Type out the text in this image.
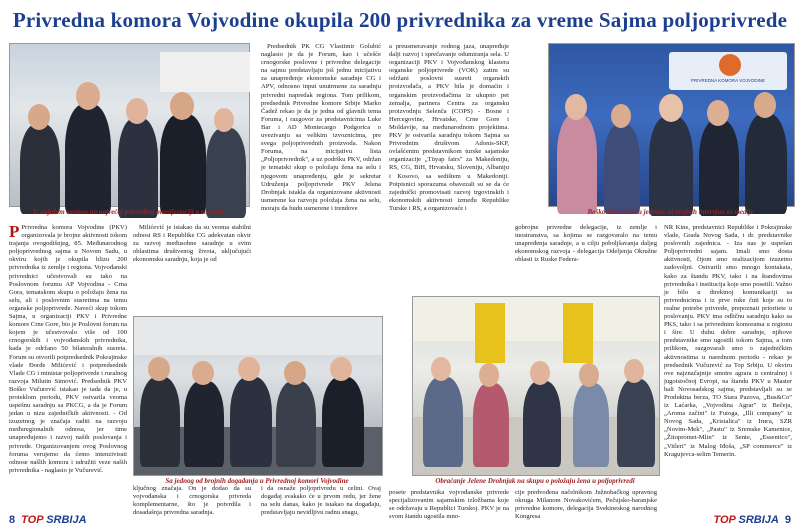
Privredna komora Vojvodine okupila 200 privrednika za vreme Sajma poljoprivrede
U najužem sastavu na najvećoj privrednoj manifestaciji u regionu
PRIVREDNA KOMORA VOJVODINE
Boško Vučurević u jednom od brojnih intervjua za medije
Sa jednog od brojnih događanja u Privrednoj komori Vojvodine	Obraćanje Jelene Drobnjak na skupu o položaju žena u poljoprivredi

P Privredna komora Vojvodine (PKV) organizovala je brojne aktivnosti tokom trajanja ovogodišnjeg, 85. Međunarodnog poljoprivrednog sajma u Novom Sadu, u okviru kojih je okupila blizu 200 privrednika iz zemlje i regiona. Vojvođanski privrednici učestvovali su tako na Poslovnom forumu AP Vojvodina - Crna Gora, tematskom skupu o položaju žena na selu, ali i poslovnim susretima na temu organske poljoprivrede. Naveći skup tokom Sajma, u organizaciji PKV i Privredne komore Crne Gore, bio je Poslovni forum na kojem je učestvovalo više od 100 crnogorskih i vojvođanskih privrednika, kada je održano 50 bilateralnih susreta. Forum su otvorili potpredsednik Pokrajinske vlade Đorđe Milićević i potpredsednik Vlade CG i ministar poljoprivrede i ruralnog razvoja Milutin Simović. Predsednik PKV Boško Vučurević istakao je tada da je, u proteklom periodu, PKV ostvarila veoma uspešnu saradnju sa PKCG, a da je Forum jedan u nizu zajedničkih aktivnosti. - Od izuzetnog je značaja raditi na razvoju međuregionalnih odnosa, jer time unapređujemo i razvoj naših poslovanja i privrede. Organizovanjem ovog Poslovnog foruma verujemo da ćemo intenzivirati odnose našlih komora i udružiti veze naših privrednika - naglasio je Vučurević.

Milićević je istakao da su veoma stabilni odnosi RS i Republike CG adekvatan okvir za razvoj međusobne saradnje u svim oblastima društvenog života, uključujući ekonomsku saradnju, koja je od

ključnog značaja. On je dodao da su vojvođanska i crnogorska privreda komplementarne, što je potvrdila i dosadašnja privredna saradnja.

Predsednik PK CG Vlastimir Golubić naglasio je da je Forum, kao i učešće crnogorske poslovne i privredne delegacije na sajmu predstavljaju još jednu inicijativu za unapređenje ekonomske saradnje CG i APV, odnosno input unutrmene za saradnju privredni napredak regiona. Tom prilikom, predsednik Privredne komore Srbije Marko Čadež rekao je da je jedna od glavnih tema Foruma, i razgovor za predstavnicima Luke Bar i AD Montecargo Podgorica o uvezivanju sa velikim izvoznicima, pre svega poljoprivrednih proizvoda. Nakon Foruma, na inicijativu lista „Poljoprivrednik", a uz podršku PKV, održan je tematski skup o položaju žena na selu i njegovom unapređenju, gde je sekretar Udruženja poljoprivrede PKV Jelena Drobnjak istakla da organizovane aktivnosti usmerene ka razvoju položaja žena na selu, moraju da budu usmerene i trendove

i da osnaže poljoprivredu u celini. Ovaj događaj svakako će u prvom redu, jer žene na selu danas, kako je istakao na događaju, predstavljaju nevidljivu radnu snagu,

a preusmeravanje rodnog jaza, unapređuje dalji razvoj i sprečavanje odumiranja sela. U organizaciji PKV i Vojvođanskog klastera organske poljoprivrede (VOK) zatim su održani poslovni susreti organskih proizvođača, a PKV bila je domaćin i organskim proizvođačima iz ukupno pet zemalja, partnera Centra za organsku proizvodnju Selenča (COPS) - Bosne i Hercegovine, Hrvatske, Crne Gore i Moldavije, na međunarodnom projektima. PKV je ostvarila saradnju tokom Sajma sa Privrednim društvom Adonis-SKP, ovlašćenim predstavnikom turske sajamske organizacije „Tüyap fairs" za Makedoniju, RS, CG, BiH, Hrvatsku, Sloveniju, Albaniju i Kosovo, sa sedištem u Makedoniji. Potpisnici sporazuma obavezali su se da će zajednički promovisati razvoj trgovinskih i ekonomskih aktivnosti između Republike Turske i RS, a organizovaće i

posete predstavnika vojvođanske privrede specijalizovanim sajamskim izložbama koje se održavaju u Republici Turskoj. PKV je na svom štandu ugostila mno-

gobrojne privredne delegacije, iz zemlje i inostranstva, sa kojima se razgovaralo na temu unapređenja saradnje, a u cilju poboljšavanja daljeg ekonomskog razvoja - delegacija Odeljenja Okružne oblasti iz Ruske Federa-

cije predvođena načelnikom Južnobačkog upravnog okruga Milanom Novakovićem, Pečujsko-baranjske privredne komore, delegacija Svekineskog narodnog Kongresa

NR Kine, predstavnici Republike i Pokrajinske vlade, Grada Novog Sada, i dr. predstavnike poslovnih zajednica. - Iza nas je uspešan Poljoprivredni sajam. Imali smo dosta aktivnosti, čijom smo realizacijom izuzetno zadovoljni. Ostvarili smo mnogo kontakata, kako za štandu PKV, tako i na štandovima privrednika i institucija koje smo posetili. Važno je bilo u direktnoj komunikaciji sa privrednicima i iz prve ruke čuti koje su to realne potrebe privrede, prepoznati prioritete u poslovanju. PKV ima odličnu saradnju kako sa PKS, tako i sa privrednim komorama u regionu i šire. U duhu dobre saradnje, njihove predstavnike smo ugostili tokom Sajma, a tom prilikom, razgovarali smo o zajedničkim aktivnostima u narednom periodu - rekao je predsednik Vučurević za Top Srbiju. U okviru ove najznačajnije smotre agrara u centralnoj i jugoistočnoj Evropi, na štandu PKV u Master hali Novosadskog sajma, predstavljali su se Produktna berza, TO Stara Pazova, „Bus&Co" iz Laćarka, „Vojvodina Agrar" iz Bečeja, „Aroma začini" iz Futoga, „Illi company" iz Novog Sada, „Kristalica" iz Irига, SZR „Novim-Mek", „Pastu" iz Sremske Kamenice, „Žitopromet-Mlin" iz Sente, „Essentico", „Vitleri" iz Malog Iđoša, „SP commerce" iz Kragujevca-selim Temerin.

8 TOP SRBIJA	TOP SRBIJA 9
